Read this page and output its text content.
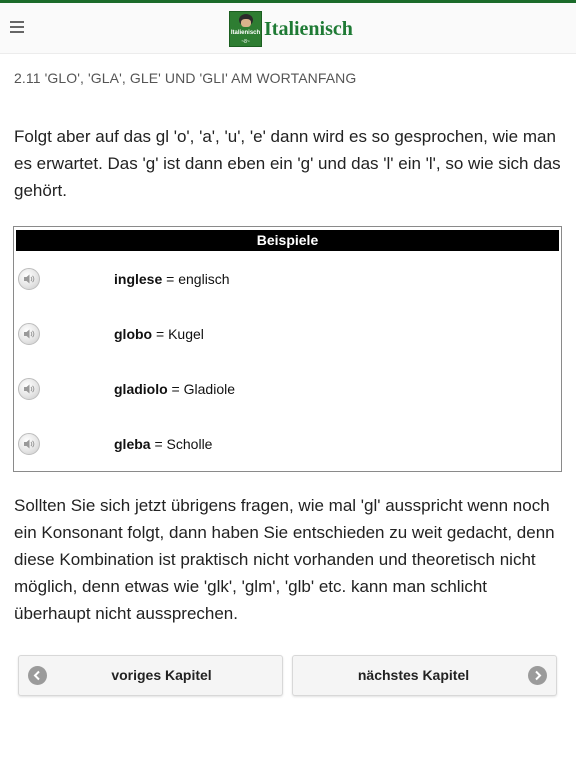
Italienisch
~8~
Italienisch
2.11 'GLO', 'GLA', GLE' UND 'GLI' AM WORTANFANG
Folgt aber auf das gl 'o', 'a', 'u', 'e' dann wird es so gesprochen, wie man es erwartet. Das 'g' ist dann eben ein 'g' und das 'l' ein 'l', so wie sich das gehört.
Beispiele
inglese = englisch
globo = Kugel
gladiolo = Gladiole
gleba = Scholle
Sollten Sie sich jetzt übrigens fragen, wie mal 'gl' ausspricht wenn noch ein Konsonant folgt, dann haben Sie entschieden zu weit gedacht, denn diese Kombination ist praktisch nicht vorhanden und theoretisch nicht möglich, denn etwas wie 'glk', 'glm', 'glb' etc. kann man schlicht überhaupt nicht aussprechen.
voriges Kapitel	nächstes Kapitel
